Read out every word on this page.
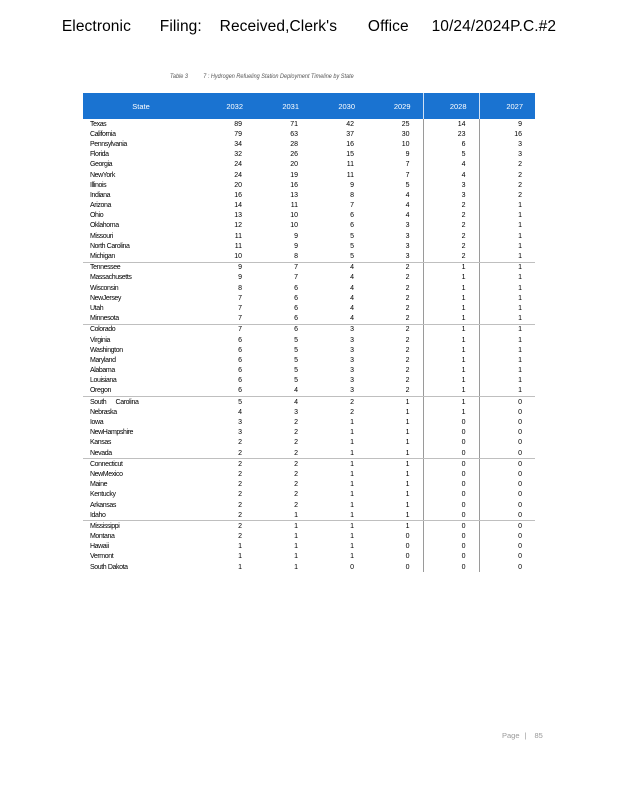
Electronic Filing: Received,Clerk's Office 10/24/2024P.C.#2
Table 3 7 : Hydrogen Refueling Station Deployment Timeline by State
State	2032	2031	2030	2029	2028	2027
Texas	89	71	42	25	14	9
California	79	63	37	30	23	16
Pennsylvania	34	28	16	10	6	3
Florida	32	26	15	9	5	3
Georgia	24	20	11	7	4	2
NewYork	24	19	11	7	4	2
Illinois	20	16	9	5	3	2
Indiana	16	13	8	4	3	2
Arizona	14	11	7	4	2	1
Ohio	13	10	6	4	2	1
Oklahoma	12	10	6	3	2	1
Missouri	11	9	5	3	2	1
North Carolina	11	9	5	3	2	1
Michigan	10	8	5	3	2	1
Tennessee	9	7	4	2	1	1
Massachusetts	9	7	4	2	1	1
Wisconsin	8	6	4	2	1	1
NewJersey	7	6	4	2	1	1
Utah	7	6	4	2	1	1
Minnesota	7	6	4	2	1	1
Colorado	7	6	3	2	1	1
Virginia	6	5	3	2	1	1
Washington	6	5	3	2	1	1
Maryland	6	5	3	2	1	1
Alabama	6	5	3	2	1	1
Louisiana	6	5	3	2	1	1
Oregon	6	4	3	2	1	1
South      Carolina	5	4	2	1	1	0
Nebraska	4	3	2	1	1	0
Iowa	3	2	1	1	0	0
NewHampshire	3	2	1	1	0	0
Kansas	2	2	1	1	0	0
Nevada	2	2	1	1	0	0
Connecticut	2	2	1	1	0	0
NewMexico	2	2	1	1	0	0
Maine	2	2	1	1	0	0
Kentucky	2	2	1	1	0	0
Arkansas	2	2	1	1	0	0
Idaho	2	1	1	1	0	0
Mississippi	2	1	1	1	0	0
Montana	2	1	1	0	0	0
Hawaii	1	1	1	0	0	0
Vermont	1	1	1	0	0	0
South Dakota	1	1	0	0	0	0
Page | 85
